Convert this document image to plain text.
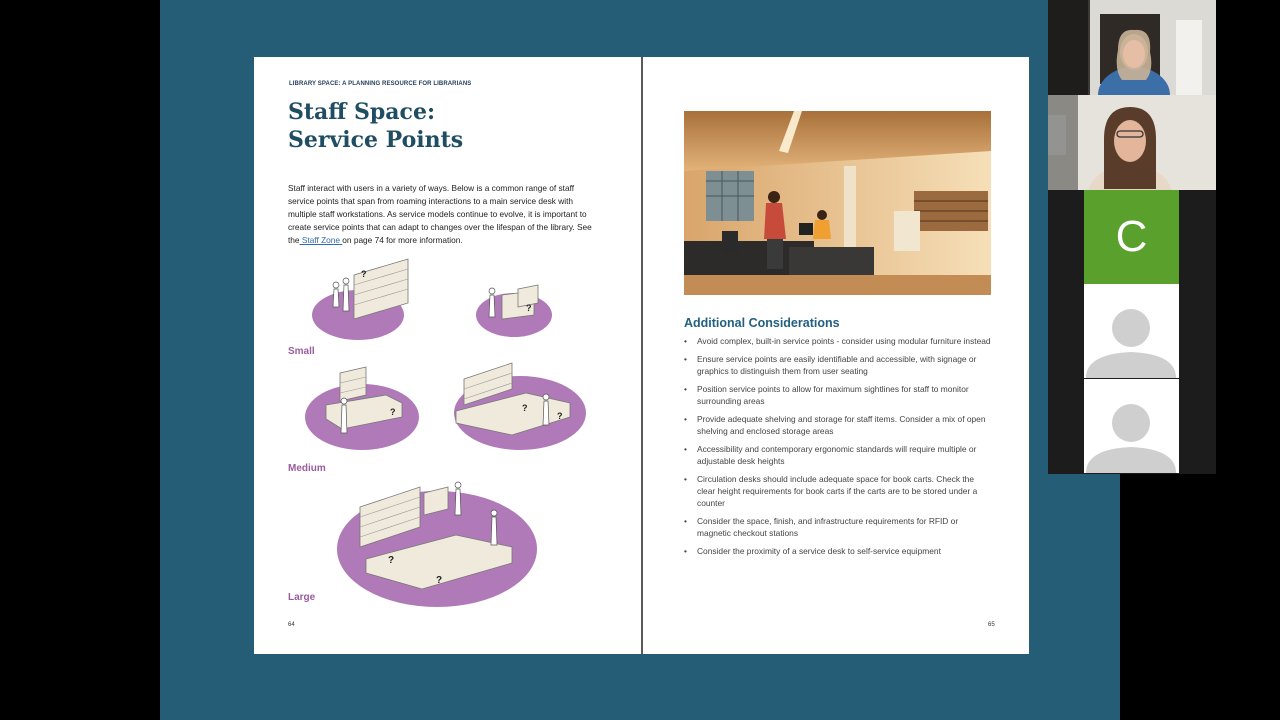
LIBRARY SPACE: A PLANNING RESOURCE FOR LIBRARIANS
Staff Space:
Service Points

Staff interact with users in a variety of ways. Below is a common range of staff service points that span from roaming interactions to a main service desk with multiple staff workstations. As service models continue to evolve, it is important to create service points that can adapt to changes over the lifespan of the library. See the Staff Zone on page 74 for more information.

?
?
Small
?	?
?
Medium
?
?
Large
64
Additional Considerations
• Avoid complex, built-in service points - consider using modular furniture instead
• Ensure service points are easily identifiable and accessible, with signage or graphics to distinguish them from user seating
• Position service points to allow for maximum sightlines for staff to monitor surrounding areas
• Provide adequate shelving and storage for staff items. Consider a mix of open shelving and enclosed storage areas
• Accessibility and contemporary ergonomic standards will require multiple or adjustable desk heights
• Circulation desks should include adequate space for book carts. Check the clear height requirements for book carts if the carts are to be stored under a counter
• Consider the space, finish, and infrastructure requirements for RFID or magnetic checkout stations
• Consider the proximity of a service desk to self-service equipment
65
C
